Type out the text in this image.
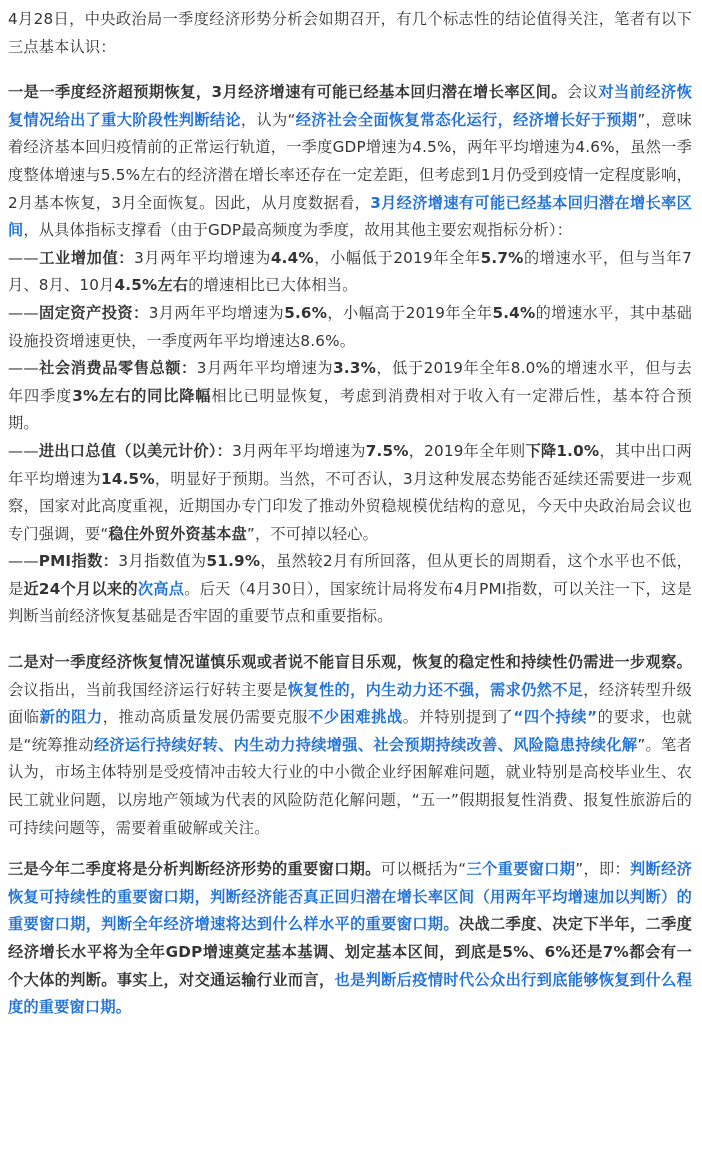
4月28日，中央政治局一季度经济形势分析会如期召开，有几个标志性的结论值得关注，笔者有以下三点基本认识：

一是一季度经济超预期恢复，3月经济增速有可能已经基本回归潜在增长率区间。会议对当前经济恢复情况给出了重大阶段性判断结论，认为“经济社会全面恢复常态化运行，经济增长好于预期”，意味着经济基本回归疫情前的正常运行轨道，一季度GDP增速为4.5%，两年平均增速为4.6%，虽然一季度整体增速与5.5%左右的经济潜在增长率还存在一定差距，但考虑到1月仍受到疫情一定程度影响，2月基本恢复，3月全面恢复。因此，从月度数据看，3月经济增速有可能已经基本回归潜在增长率区间，从具体指标支撑看（由于GDP最高频度为季度，故用其他主要宏观指标分析）：

——工业增加值：3月两年平均增速为4.4%，小幅低于2019年全年5.7%的增速水平，但与当年7月、8月、10月4.5%左右的增速相比已大体相当。

——固定资产投资：3月两年平均增速为5.6%，小幅高于2019年全年5.4%的增速水平，其中基础设施投资增速更快，一季度两年平均增速达8.6%。

——社会消费品零售总额：3月两年平均增速为3.3%，低于2019年全年8.0%的增速水平，但与去年四季度3%左右的同比降幅相比已明显恢复，考虑到消费相对于收入有一定滞后性，基本符合预期。

——进出口总值（以美元计价）：3月两年平均增速为7.5%，2019年全年则下降1.0%，其中出口两年平均增速为14.5%，明显好于预期。当然，不可否认，3月这种发展态势能否延续还需要进一步观察，国家对此高度重视，近期国办专门印发了推动外贸稳规模优结构的意见，今天中央政治局会议也专门强调，要“稳住外贸外资基本盘”，不可掉以轻心。

——PMI指数：3月指数值为51.9%，虽然较2月有所回落，但从更长的周期看，这个水平也不低，是近24个月以来的次高点。后天（4月30日），国家统计局将发布4月PMI指数，可以关注一下，这是判断当前经济恢复基础是否牢固的重要节点和重要指标。

二是对一季度经济恢复情况谨慎乐观或者说不能盲目乐观，恢复的稳定性和持续性仍需进一步观察。会议指出，当前我国经济运行好转主要是恢复性的，内生动力还不强，需求仍然不足，经济转型升级面临新的阻力，推动高质量发展仍需要克服不少困难挑战。并特别提到了“四个持续”的要求，也就是“统筹推动经济运行持续好转、内生动力持续增强、社会预期持续改善、风险隐患持续化解”。笔者认为，市场主体特别是受疫情冲击较大行业的中小微企业纾困解难问题，就业特别是高校毕业生、农民工就业问题，以房地产领域为代表的风险防范化解问题，“五一”假期报复性消费、报复性旅游后的可持续问题等，需要着重破解或关注。

三是今年二季度将是分析判断经济形势的重要窗口期。可以概括为“三个重要窗口期”，即：判断经济恢复可持续性的重要窗口期，判断经济能否真正回归潜在增长率区间（用两年平均增速加以判断）的重要窗口期，判断全年经济增速将达到什么样水平的重要窗口期。决战二季度、决定下半年，二季度经济增长水平将为全年GDP增速奠定基本基调、划定基本区间，到底是5%、6%还是7%都会有一个大体的判断。事实上，对交通运输行业而言，也是判断后疫情时代公众出行到底能够恢复到什么程度的重要窗口期。
